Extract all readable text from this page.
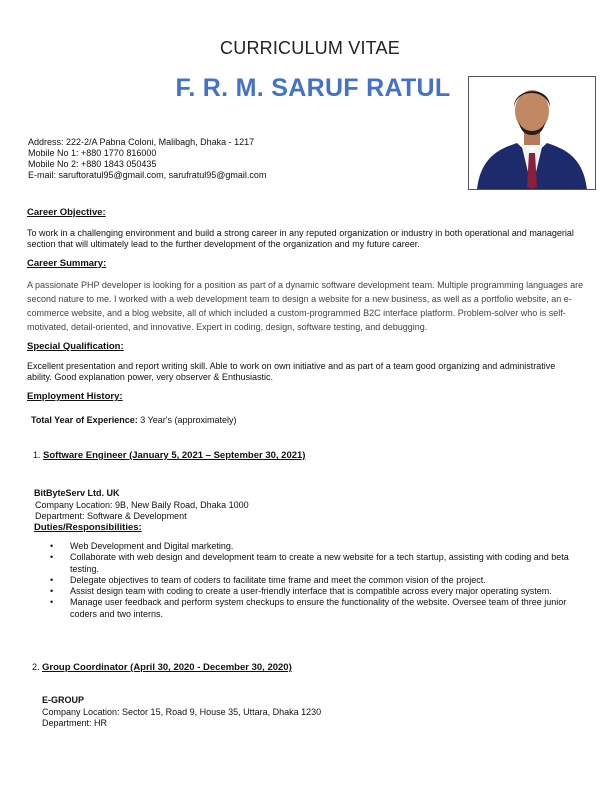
CURRICULUM VITAE
F. R. M. SARUF RATUL
Address: 222-2/A Pabna Coloni, Malibagh, Dhaka - 1217
Mobile No 1: +880 1770 816000
Mobile No 2: +880 1843 050435
E-mail: saruftoratul95@gmail.com, sarufratul95@gmail.com
Career Objective:
To work in a challenging environment and build a strong career in any reputed organization or industry in both operational and managerial section that will ultimately lead to the further development of the organization and my future career.
Career Summary:
A passionate PHP developer is looking for a position as part of a dynamic software development team. Multiple programming languages are second nature to me. I worked with a web development team to design a website for a new business, as well as a portfolio website, an e-commerce website, and a blog website, all of which included a custom-programmed B2C interface platform. Problem-solver who is self-motivated, detail-oriented, and innovative. Expert in coding, design, software testing, and debugging.
Special Qualification:
Excellent presentation and report writing skill. Able to work on own initiative and as part of a team good organizing and administrative ability. Good explanation power, very observer & Enthusiastic.
Employment History:
Total Year of Experience: 3 Year's (approximately)
1. Software Engineer (January 5, 2021 – September 30, 2021)
BitByteServ Ltd. UK
Company Location: 9B, New Baily Road, Dhaka 1000
Department: Software & Development
Duties/Responsibilities:
• Web Development and Digital marketing.
• Collaborate with web design and development team to create a new website for a tech startup, assisting with coding and beta testing.
• Delegate objectives to team of coders to facilitate time frame and meet the common vision of the project.
• Assist design team with coding to create a user-friendly interface that is compatible across every major operating system.
• Manage user feedback and perform system checkups to ensure the functionality of the website. Oversee team of three junior coders and two interns.
2. Group Coordinator (April 30, 2020 - December 30, 2020)
E-GROUP
Company Location: Sector 15, Road 9, House 35, Uttara, Dhaka 1230
Department: HR
